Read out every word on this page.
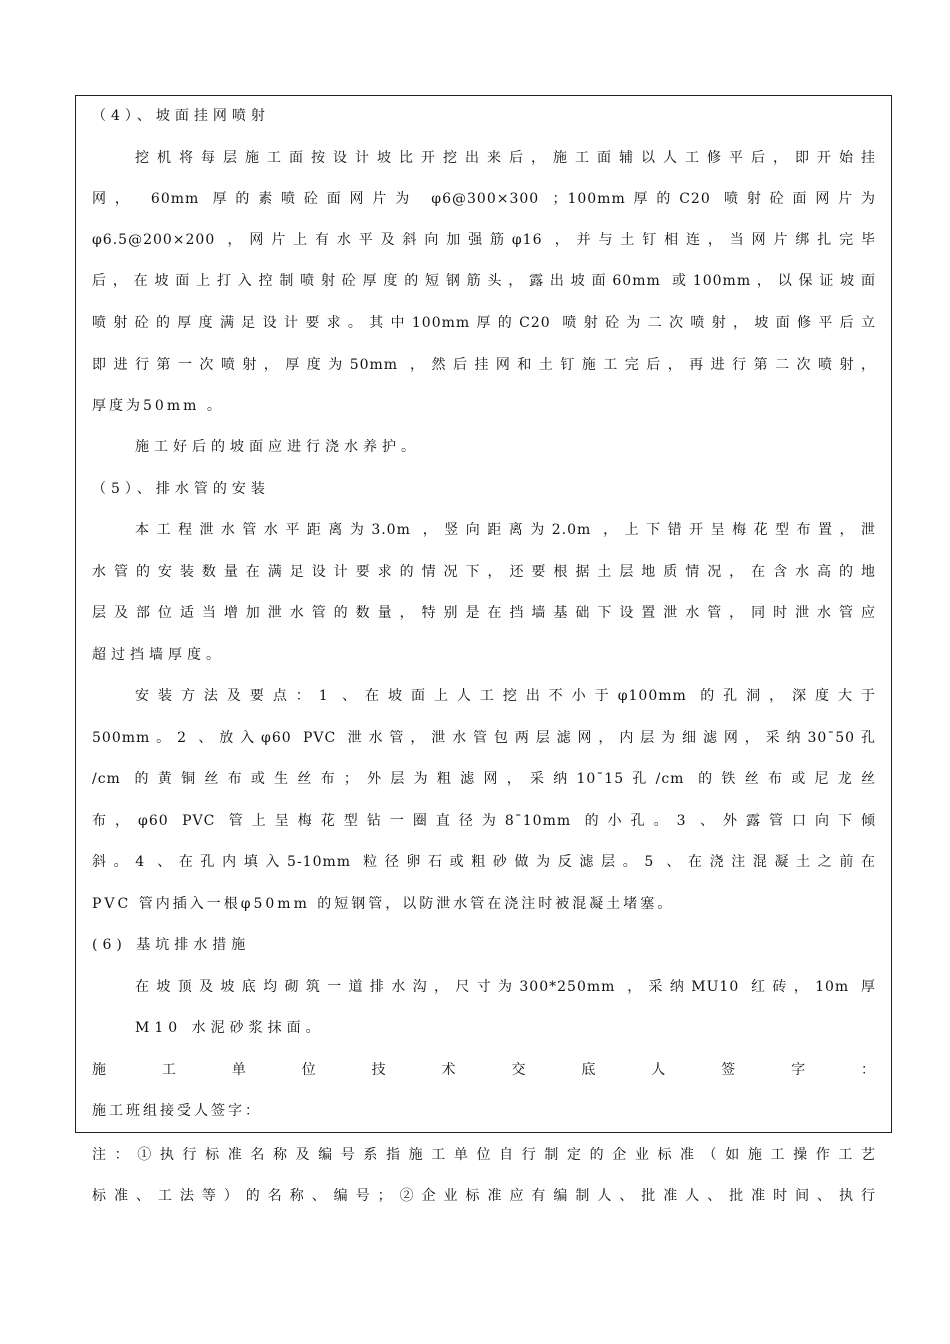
（4）、坡面挂网喷射
挖机将每层施工面按设计坡比开挖出来后，施工面辅以人工修平后，即开始挂
网， 60mm 厚的素喷砼面网片为 φ6@300×300 ；100mm厚的C20 喷射砼面网片为
φ6.5@200×200 ，网片上有水平及斜向加强筋φ16 ，并与土钉相连，当网片绑扎完毕
后，在坡面上打入控制喷射砼厚度的短钢筋头，露出坡面60mm 或100mm，以保证坡面
喷射砼的厚度满足设计要求。其中100mm厚的C20 喷射砼为二次喷射，坡面修平后立
即进行第一次喷射，厚度为50mm ，然后挂网和土钉施工完后，再进行第二次喷射，
厚度为50mm 。
施工好后的坡面应进行浇水养护。
（5）、排水管的安装
本工程泄水管水平距离为3.0m ，竖向距离为2.0m ，上下错开呈梅花型布置，泄
水管的安装数量在满足设计要求的情况下，还要根据土层地质情况，在含水高的地
层及部位适当增加泄水管的数量，特别是在挡墙基础下设置泄水管，同时泄水管应
超过挡墙厚度。
安装方法及要点：1 、在坡面上人工挖出不小于φ100mm 的孔洞，深度大于
500mm。2 、放入φ60 PVC 泄水管，泄水管包两层滤网，内层为细滤网，采纳30¯50孔
/cm 的黄铜丝布或生丝布；外层为粗滤网，采纳10¯15孔/cm 的铁丝布或尼龙丝
布，φ60 PVC 管上呈梅花型钻一圈直径为8¯10mm 的小孔。3 、外露管口向下倾
斜。4 、在孔内填入5-10mm 粒径卵石或粗砂做为反滤层。5 、在浇注混凝土之前在
PVC 管内插入一根φ50mm 的短钢管，以防泄水管在浇注时被混凝土堵塞。
(6) 基坑排水措施
在坡顶及坡底均砌筑一道排水沟，尺寸为300*250mm ，采纳MU10 红砖，10m 厚
M10 水泥砂浆抹面。
施工单位技术交底人签字：
施工班组接受人签字：
注：①执行标准名称及编号系指施工单位自行制定的企业标准（如施工操作工艺
标准、工法等）的名称、编号；②企业标准应有编制人、批准人、批准时间、执行
